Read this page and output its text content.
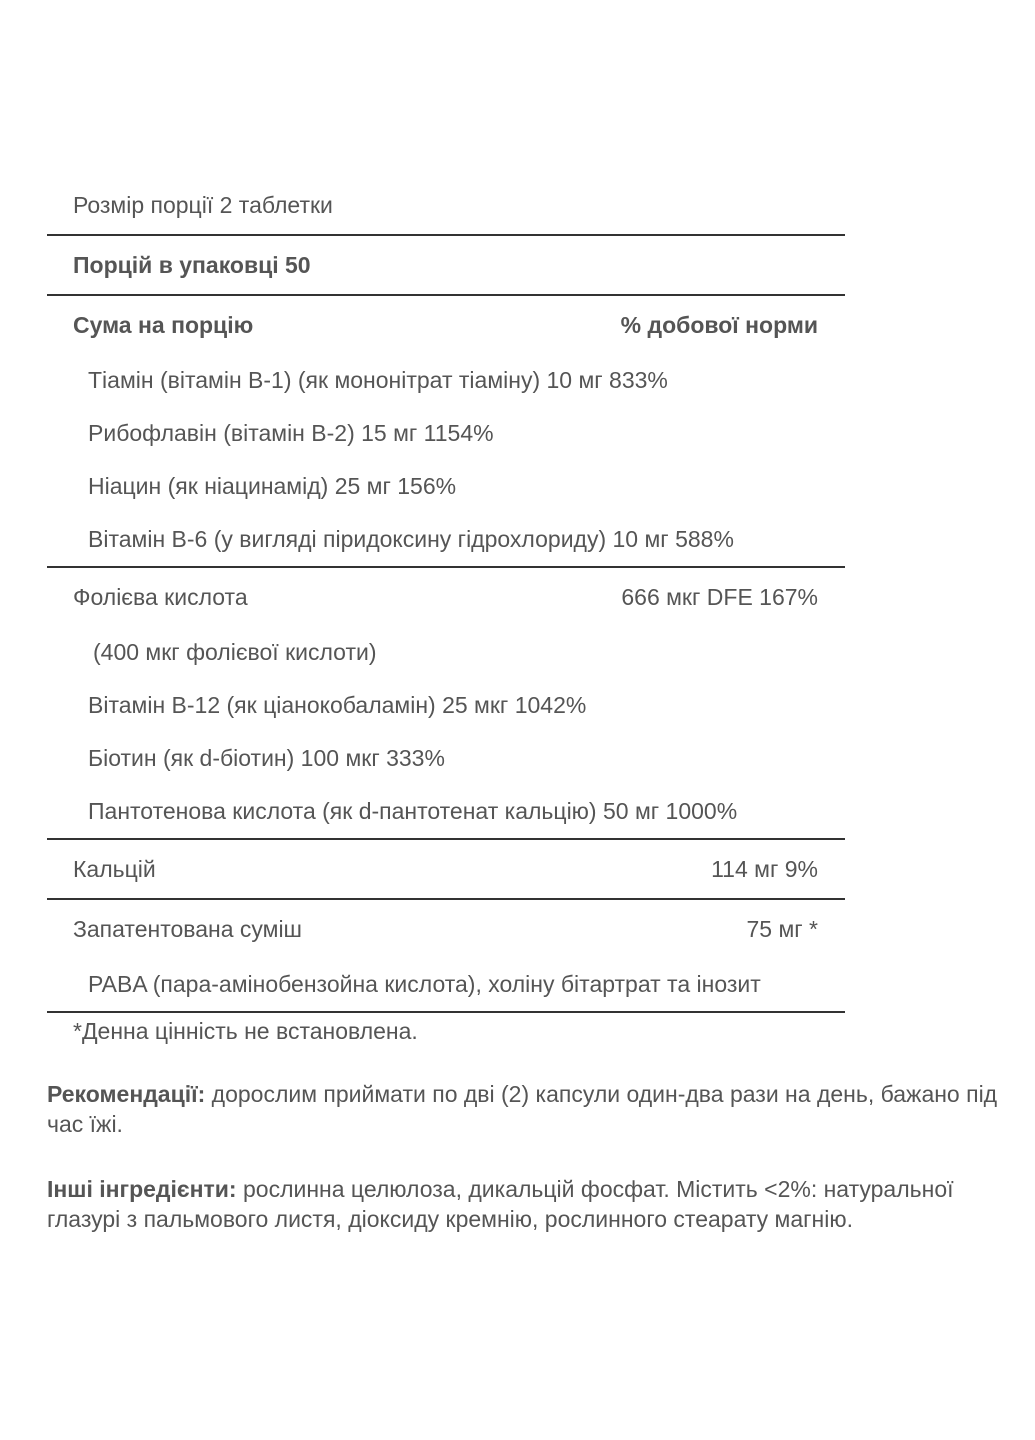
Розмір порції 2 таблетки
Порцій в упаковці 50
Сума на порцію	% добової норми
Тіамін (вітамін B-1) (як мононітрат тіаміну) 10 мг 833%
Рибофлавін (вітамін B-2) 15 мг 1154%
Ніацин (як ніацинамід) 25 мг 156%
Вітамін B-6 (у вигляді піридоксину гідрохлориду) 10 мг 588%
Фолієва кислота	666 мкг DFE 167%
(400 мкг фолієвої кислоти)
Вітамін B-12 (як ціанокобаламін) 25 мкг 1042%
Біотин (як d-біотин) 100 мкг 333%
Пантотенова кислота (як d-пантотенат кальцію) 50 мг 1000%
Кальцій	114 мг 9%
Запатентована суміш	75 мг *
PABA (пара-амінобензойна кислота), холіну бітартрат та інозит
*Денна цінність не встановлена.
Рекомендації: дорослим приймати по дві (2) капсули один-два рази на день, бажано під час їжі.
Інші інгредієнти: рослинна целюлоза, дикальцій фосфат. Містить <2%: натуральної глазурі з пальмового листя, діоксиду кремнію, рослинного стеарату магнію.
